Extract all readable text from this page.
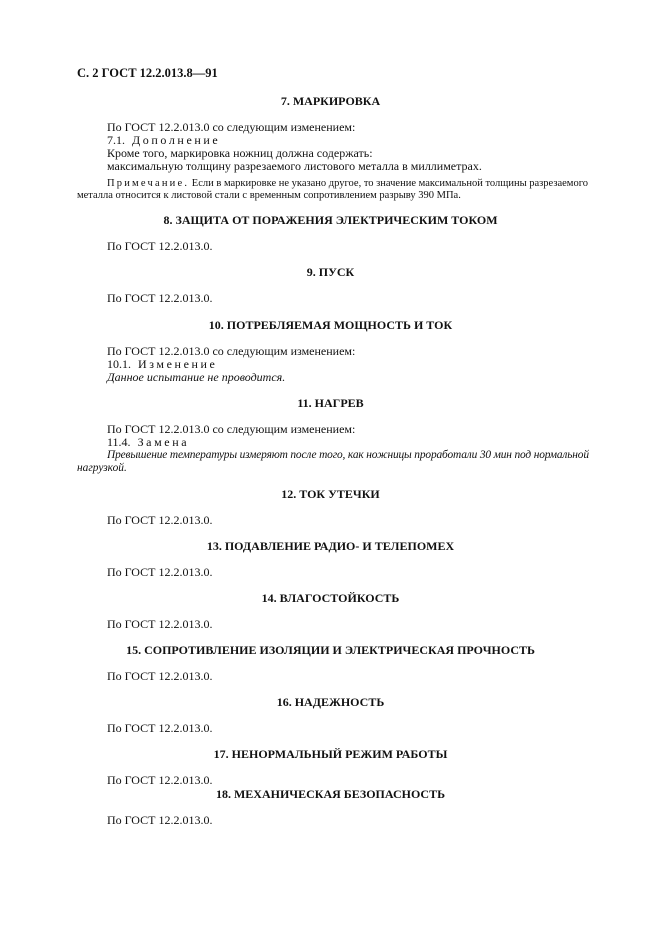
С. 2 ГОСТ 12.2.013.8—91
7. МАРКИРОВКА
По ГОСТ 12.2.013.0 со следующим изменением:
7.1. Дополнение
Кроме того, маркировка ножниц должна содержать:
максимальную толщину разрезаемого листового металла в миллиметрах.
Примечание. Если в маркировке не указано другое, то значение максимальной толщины разрезаемого
металла относится к листовой стали с временным сопротивлением разрыву 390 МПа.
8. ЗАЩИТА ОТ ПОРАЖЕНИЯ ЭЛЕКТРИЧЕСКИМ ТОКОМ
По ГОСТ 12.2.013.0.
9. ПУСК
По ГОСТ 12.2.013.0.
10. ПОТРЕБЛЯЕМАЯ МОЩНОСТЬ И ТОК
По ГОСТ 12.2.013.0 со следующим изменением:
10.1. Изменение
Данное испытание не проводится.
11. НАГРЕВ
По ГОСТ 12.2.013.0 со следующим изменением:
11.4. Замена
Превышение температуры измеряют после того, как ножницы проработали 30 мин под нормальной
нагрузкой.
12. ТОК УТЕЧКИ
По ГОСТ 12.2.013.0.
13. ПОДАВЛЕНИЕ РАДИО- И ТЕЛЕПОМЕХ
По ГОСТ 12.2.013.0.
14. ВЛАГОСТОЙКОСТЬ
По ГОСТ 12.2.013.0.
15. СОПРОТИВЛЕНИЕ ИЗОЛЯЦИИ И ЭЛЕКТРИЧЕСКАЯ ПРОЧНОСТЬ
По ГОСТ 12.2.013.0.
16. НАДЕЖНОСТЬ
По ГОСТ 12.2.013.0.
17. НЕНОРМАЛЬНЫЙ РЕЖИМ РАБОТЫ
По ГОСТ 12.2.013.0.
18. МЕХАНИЧЕСКАЯ БЕЗОПАСНОСТЬ
По ГОСТ 12.2.013.0.
